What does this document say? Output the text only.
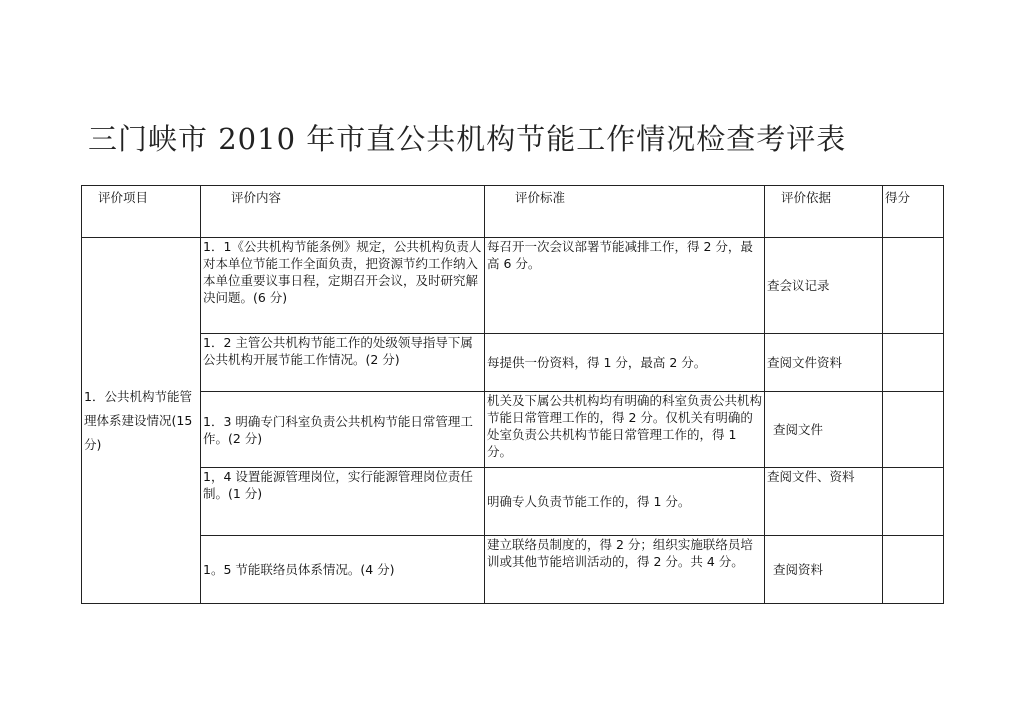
三门峡市 2010 年市直公共机构节能工作情况检查考评表
评价项目	评价内容	评价标准	评价依据	得分
1．公共机构节能管理体系建设情况(15 分)	1．1《公共机构节能条例》规定，公共机构负责人对本单位节能工作全面负责，把资源节约工作纳入本单位重要议事日程，定期召开会议，及时研究解决问题。(6 分)	每召开一次会议部署节能减排工作，得 2 分，最高 6 分。	查会议记录	
	1．2 主管公共机构节能工作的处级领导指导下属公共机构开展节能工作情况。(2 分)	每提供一份资料，得 1 分，最高 2 分。	查阅文件资料	
	1．3 明确专门科室负责公共机构节能日常管理工作。(2 分)	机关及下属公共机构均有明确的科室负责公共机构节能日常管理工作的，得 2 分。仅机关有明确的处室负责公共机构节能日常管理工作的，得 1 分。	查阅文件	
	1，4 设置能源管理岗位，实行能源管理岗位责任制。(1 分)	明确专人负责节能工作的，得 1 分。	查阅文件、资料	
	1。5 节能联络员体系情况。(4 分)	建立联络员制度的，得 2 分；组织实施联络员培训或其他节能培训活动的，得 2 分。共 4 分。	查阅资料	
